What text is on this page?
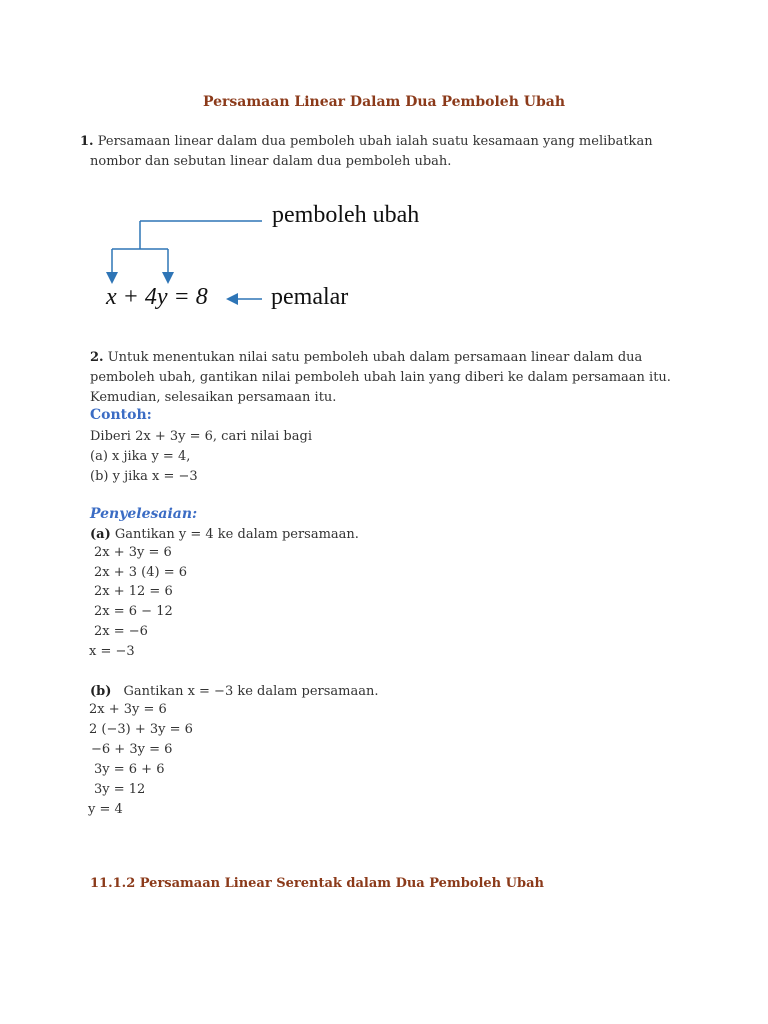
Persamaan Linear Dalam Dua Pemboleh Ubah
1. Persamaan linear dalam dua pemboleh ubah ialah suatu kesamaan yang melibatkan
nombor dan sebutan linear dalam dua pemboleh ubah.
pemboleh ubah
x + 4y = 8	pemalar
2. Untuk menentukan nilai satu pemboleh ubah dalam persamaan linear dalam dua
pemboleh ubah, gantikan nilai pemboleh ubah lain yang diberi ke dalam persamaan itu.
Kemudian, selesaikan persamaan itu.
Contoh:
Diberi 2x + 3y = 6, cari nilai bagi
(a) x jika y = 4,
(b) y jika x = −3
Penyelesaian:
(a) Gantikan y = 4 ke dalam persamaan.
2x + 3y = 6
2x + 3 (4) = 6
2x + 12 = 6
2x = 6 − 12
2x = −6
x = −3
(b) Gantikan x = −3 ke dalam persamaan.
2x + 3y = 6
2 (−3) + 3y = 6
−6 + 3y = 6
3y = 6 + 6
3y = 12
y = 4
11.1.2 Persamaan Linear Serentak dalam Dua Pemboleh Ubah
